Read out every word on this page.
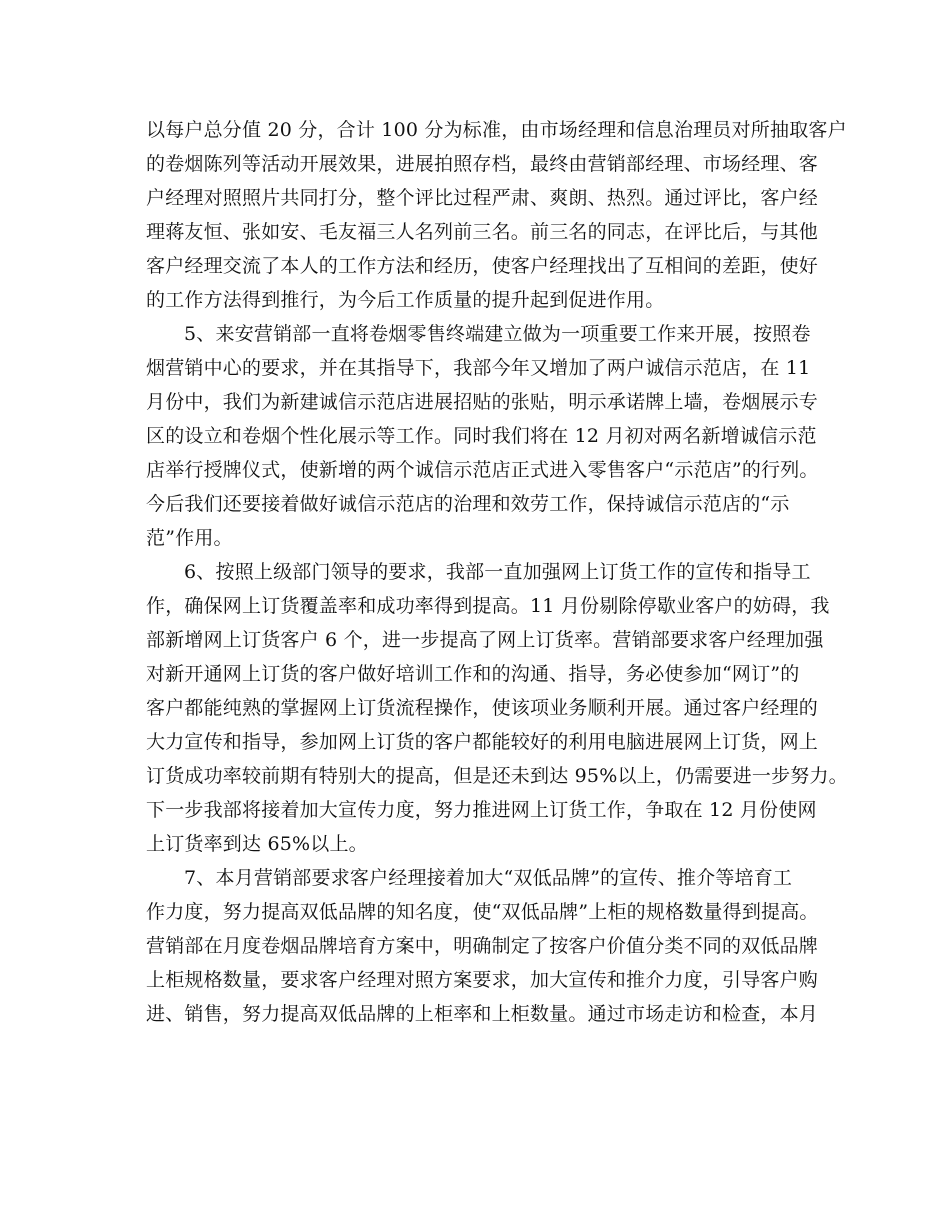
以每户总分值 20 分，合计 100 分为标准，由市场经理和信息治理员对所抽取客户
的卷烟陈列等活动开展效果，进展拍照存档，最终由营销部经理、市场经理、客
户经理对照照片共同打分，整个评比过程严肃、爽朗、热烈。通过评比，客户经
理蒋友恒、张如安、毛友福三人名列前三名。前三名的同志，在评比后，与其他
客户经理交流了本人的工作方法和经历，使客户经理找出了互相间的差距，使好
的工作方法得到推行，为今后工作质量的提升起到促进作用。
5、来安营销部一直将卷烟零售终端建立做为一项重要工作来开展，按照卷
烟营销中心的要求，并在其指导下，我部今年又增加了两户诚信示范店，在 11
月份中，我们为新建诚信示范店进展招贴的张贴，明示承诺牌上墙，卷烟展示专
区的设立和卷烟个性化展示等工作。同时我们将在 12 月初对两名新增诚信示范
店举行授牌仪式，使新增的两个诚信示范店正式进入零售客户“示范店”的行列。
今后我们还要接着做好诚信示范店的治理和效劳工作，保持诚信示范店的“示
范”作用。
6、按照上级部门领导的要求，我部一直加强网上订货工作的宣传和指导工
作，确保网上订货覆盖率和成功率得到提高。11 月份剔除停歇业客户的妨碍，我
部新增网上订货客户 6 个，进一步提高了网上订货率。营销部要求客户经理加强
对新开通网上订货的客户做好培训工作和的沟通、指导，务必使参加“网订”的
客户都能纯熟的掌握网上订货流程操作，使该项业务顺利开展。通过客户经理的
大力宣传和指导，参加网上订货的客户都能较好的利用电脑进展网上订货，网上
订货成功率较前期有特别大的提高，但是还未到达 95%以上，仍需要进一步努力。
下一步我部将接着加大宣传力度，努力推进网上订货工作，争取在 12 月份使网
上订货率到达 65%以上。
7、本月营销部要求客户经理接着加大“双低品牌”的宣传、推介等培育工
作力度，努力提高双低品牌的知名度，使“双低品牌”上柜的规格数量得到提高。
营销部在月度卷烟品牌培育方案中，明确制定了按客户价值分类不同的双低品牌
上柜规格数量，要求客户经理对照方案要求，加大宣传和推介力度，引导客户购
进、销售，努力提高双低品牌的上柜率和上柜数量。通过市场走访和检查，本月
